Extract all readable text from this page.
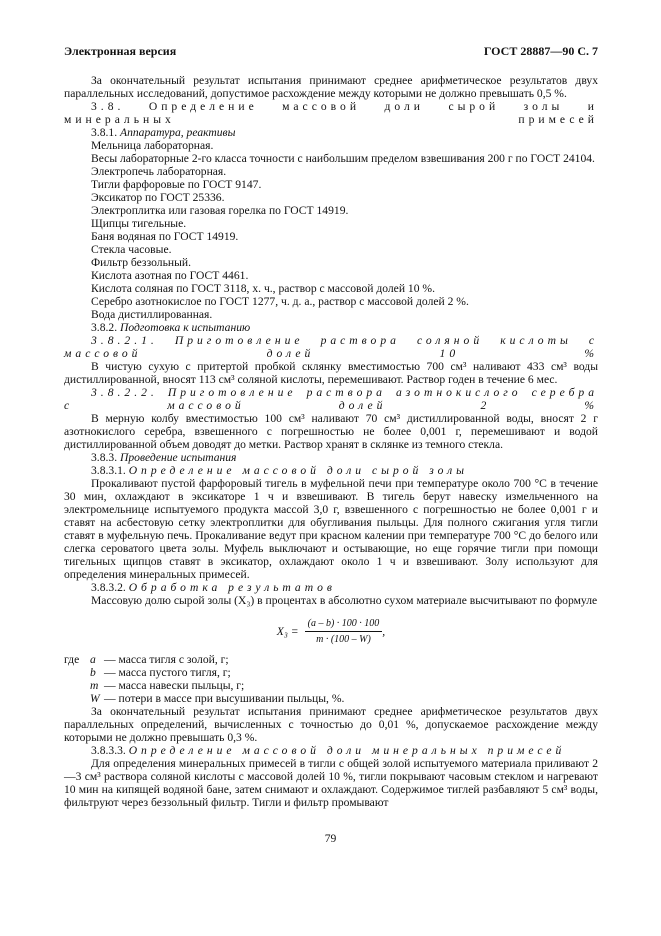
Электронная версия	ГОСТ 28887—90 С. 7

За окончательный результат испытания принимают среднее арифметическое результатов двух параллельных исследований, допустимое расхождение между которыми не должно превышать 0,5 %.

3.8. Определение массовой доли сырой золы и минеральных примесей

3.8.1. Аппаратура, реактивы

Мельница лабораторная.

Весы лабораторные 2-го класса точности с наибольшим пределом взвешивания 200 г по ГОСТ 24104.

Электропечь лабораторная.

Тигли фарфоровые по ГОСТ 9147.

Эксикатор по ГОСТ 25336.

Электроплитка или газовая горелка по ГОСТ 14919.

Щипцы тигельные.

Баня водяная по ГОСТ 14919.

Стекла часовые.

Фильтр беззольный.

Кислота азотная по ГОСТ 4461.

Кислота соляная по ГОСТ 3118, х. ч., раствор с массовой долей 10 %.

Серебро азотнокислое по ГОСТ 1277, ч. д. а., раствор с массовой долей 2 %.

Вода дистиллированная.

3.8.2. Подготовка к испытанию

3.8.2.1. Приготовление раствора соляной кислоты с массовой долей 10 %

В чистую сухую с притертой пробкой склянку вместимостью 700 см³ наливают 433 см³ воды дистиллированной, вносят 113 см³ соляной кислоты, перемешивают. Раствор годен в течение 6 мес.

3.8.2.2. Приготовление раствора азотнокислого серебра с массовой долей 2 %

В мерную колбу вместимостью 100 см³ наливают 70 см³ дистиллированной воды, вносят 2 г азотнокислого серебра, взвешенного с погрешностью не более 0,001 г, перемешивают и водой дистиллированной объем доводят до метки. Раствор хранят в склянке из темного стекла.

3.8.3. Проведение испытания

3.8.3.1. Определение массовой доли сырой золы

Прокаливают пустой фарфоровый тигель в муфельной печи при температуре около 700 °С в течение 30 мин, охлаждают в эксикаторе 1 ч и взвешивают. В тигель берут навеску измельченного на электромельнице испытуемого продукта массой 3,0 г, взвешенного с погрешностью не более 0,001 г и ставят на асбестовую сетку электроплитки для обугливания пыльцы. Для полного сжигания угля тигли ставят в муфельную печь. Прокаливание ведут при красном калении при температуре 700 °С до белого или слегка сероватого цвета золы. Муфель выключают и остывающие, но еще горячие тигли при помощи тигельных щипцов ставят в эксикатор, охлаждают около 1 ч и взвешивают. Золу используют для определения минеральных примесей.

3.8.3.2. Обработка результатов

Массовую долю сырой золы (X₃) в процентах в абсолютно сухом материале высчитывают по формуле

$X_3 = \frac{(a - b) \cdot 100 \cdot 100}{m \cdot (100 - W)}$ ,
где a — масса тигля с золой, г;
b — масса пустого тигля, г;
m — масса навески пыльцы, г;
W — потери в массе при высушивании пыльцы, %.

За окончательный результат испытания принимают среднее арифметическое результатов двух параллельных определений, вычисленных с точностью до 0,01 %, допускаемое расхождение между которыми не должно превышать 0,3 %.

3.8.3.3. Определение массовой доли минеральных примесей

Для определения минеральных примесей в тигли с общей золой испытуемого материала приливают 2—3 см³ раствора соляной кислоты с массовой долей 10 %, тигли покрывают часовым стеклом и нагревают 10 мин на кипящей водяной бане, затем снимают и охлаждают. Содержимое тиглей разбавляют 5 см³ воды, фильтруют через беззольный фильтр. Тигли и фильтр промывают

79
